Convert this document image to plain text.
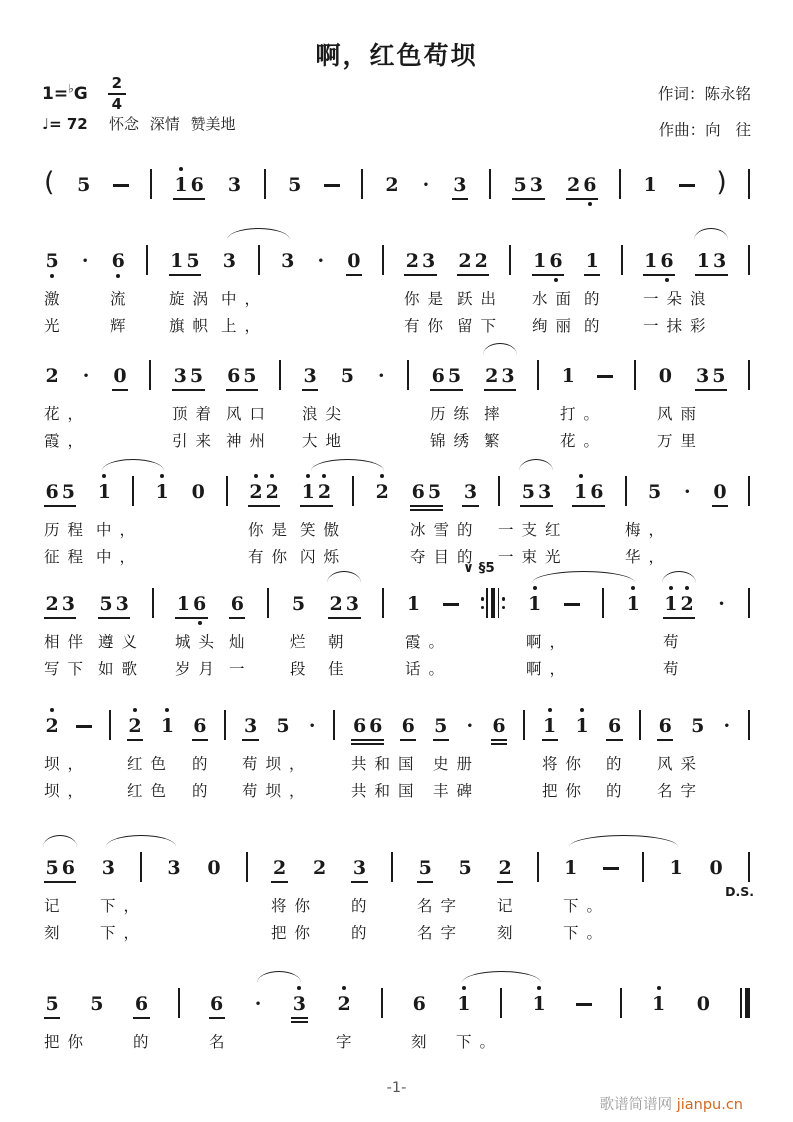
啊，红色苟坝
$1=^♭G \frac{2}{4}$
♩= 72 怀念 深情 赞美地
作词：陈永铭
作曲：向 往
( 5	1 6 3 5	2 · 3 5 3 2 6 1 )
5 · 6 1 5 3 3 · 0 2 3 2 2 1 6 1 1 6 1 3
激	流 旋涡 中，	你是 跃出 水面 的 一朵浪
光	辉 旗帜 上，	有你 留下 绚丽 的 一抹彩
2 · 0 3 5 6 5 3 5 · 6 5 2 3 1	0 3 5
花，	顶着 风口 浪尖	历练 摔	打。	风雨
霞，	引来 神州 大地	锦绣 繁	花。	万里
6 5 1 1 0 2 2 1 2 2 6 5 3 5 3 1 6 5 · 0
历程 中，	你是 笑傲	冰雪的 一支红	梅，
征程 中，	有你 闪烁	夺目的 一束光	华，
2 3 5 3	1 6 6	5 2 3	1	1	1 1 2 ·
∨ §5
相伴 遵义 城头 灿 烂 朝	霞。	啊，	苟
写下 如歌 岁月 一 段 佳	话。	啊，	苟
2	2 1 6 3 5 · 6 6 6 5 · 6 1 1 6 6 5 ·
坝， 红色 的 苟坝， 共和国 史册	将你 的 风采
坝， 红色 的 苟坝， 共和国 丰碑	把你 的 名字
5 6 3	3 0	2 2 3	5 5 2	1	1 0
记 下，	将你 的	名字 记	下。
刻 下，	把你 的	名字 刻	下。
D.S.
5 5 6	6 · 3 2	6 1	1	1 0
把你	的	名	字	刻 下。
-1-
歌谱简谱网 jianpu.cn
